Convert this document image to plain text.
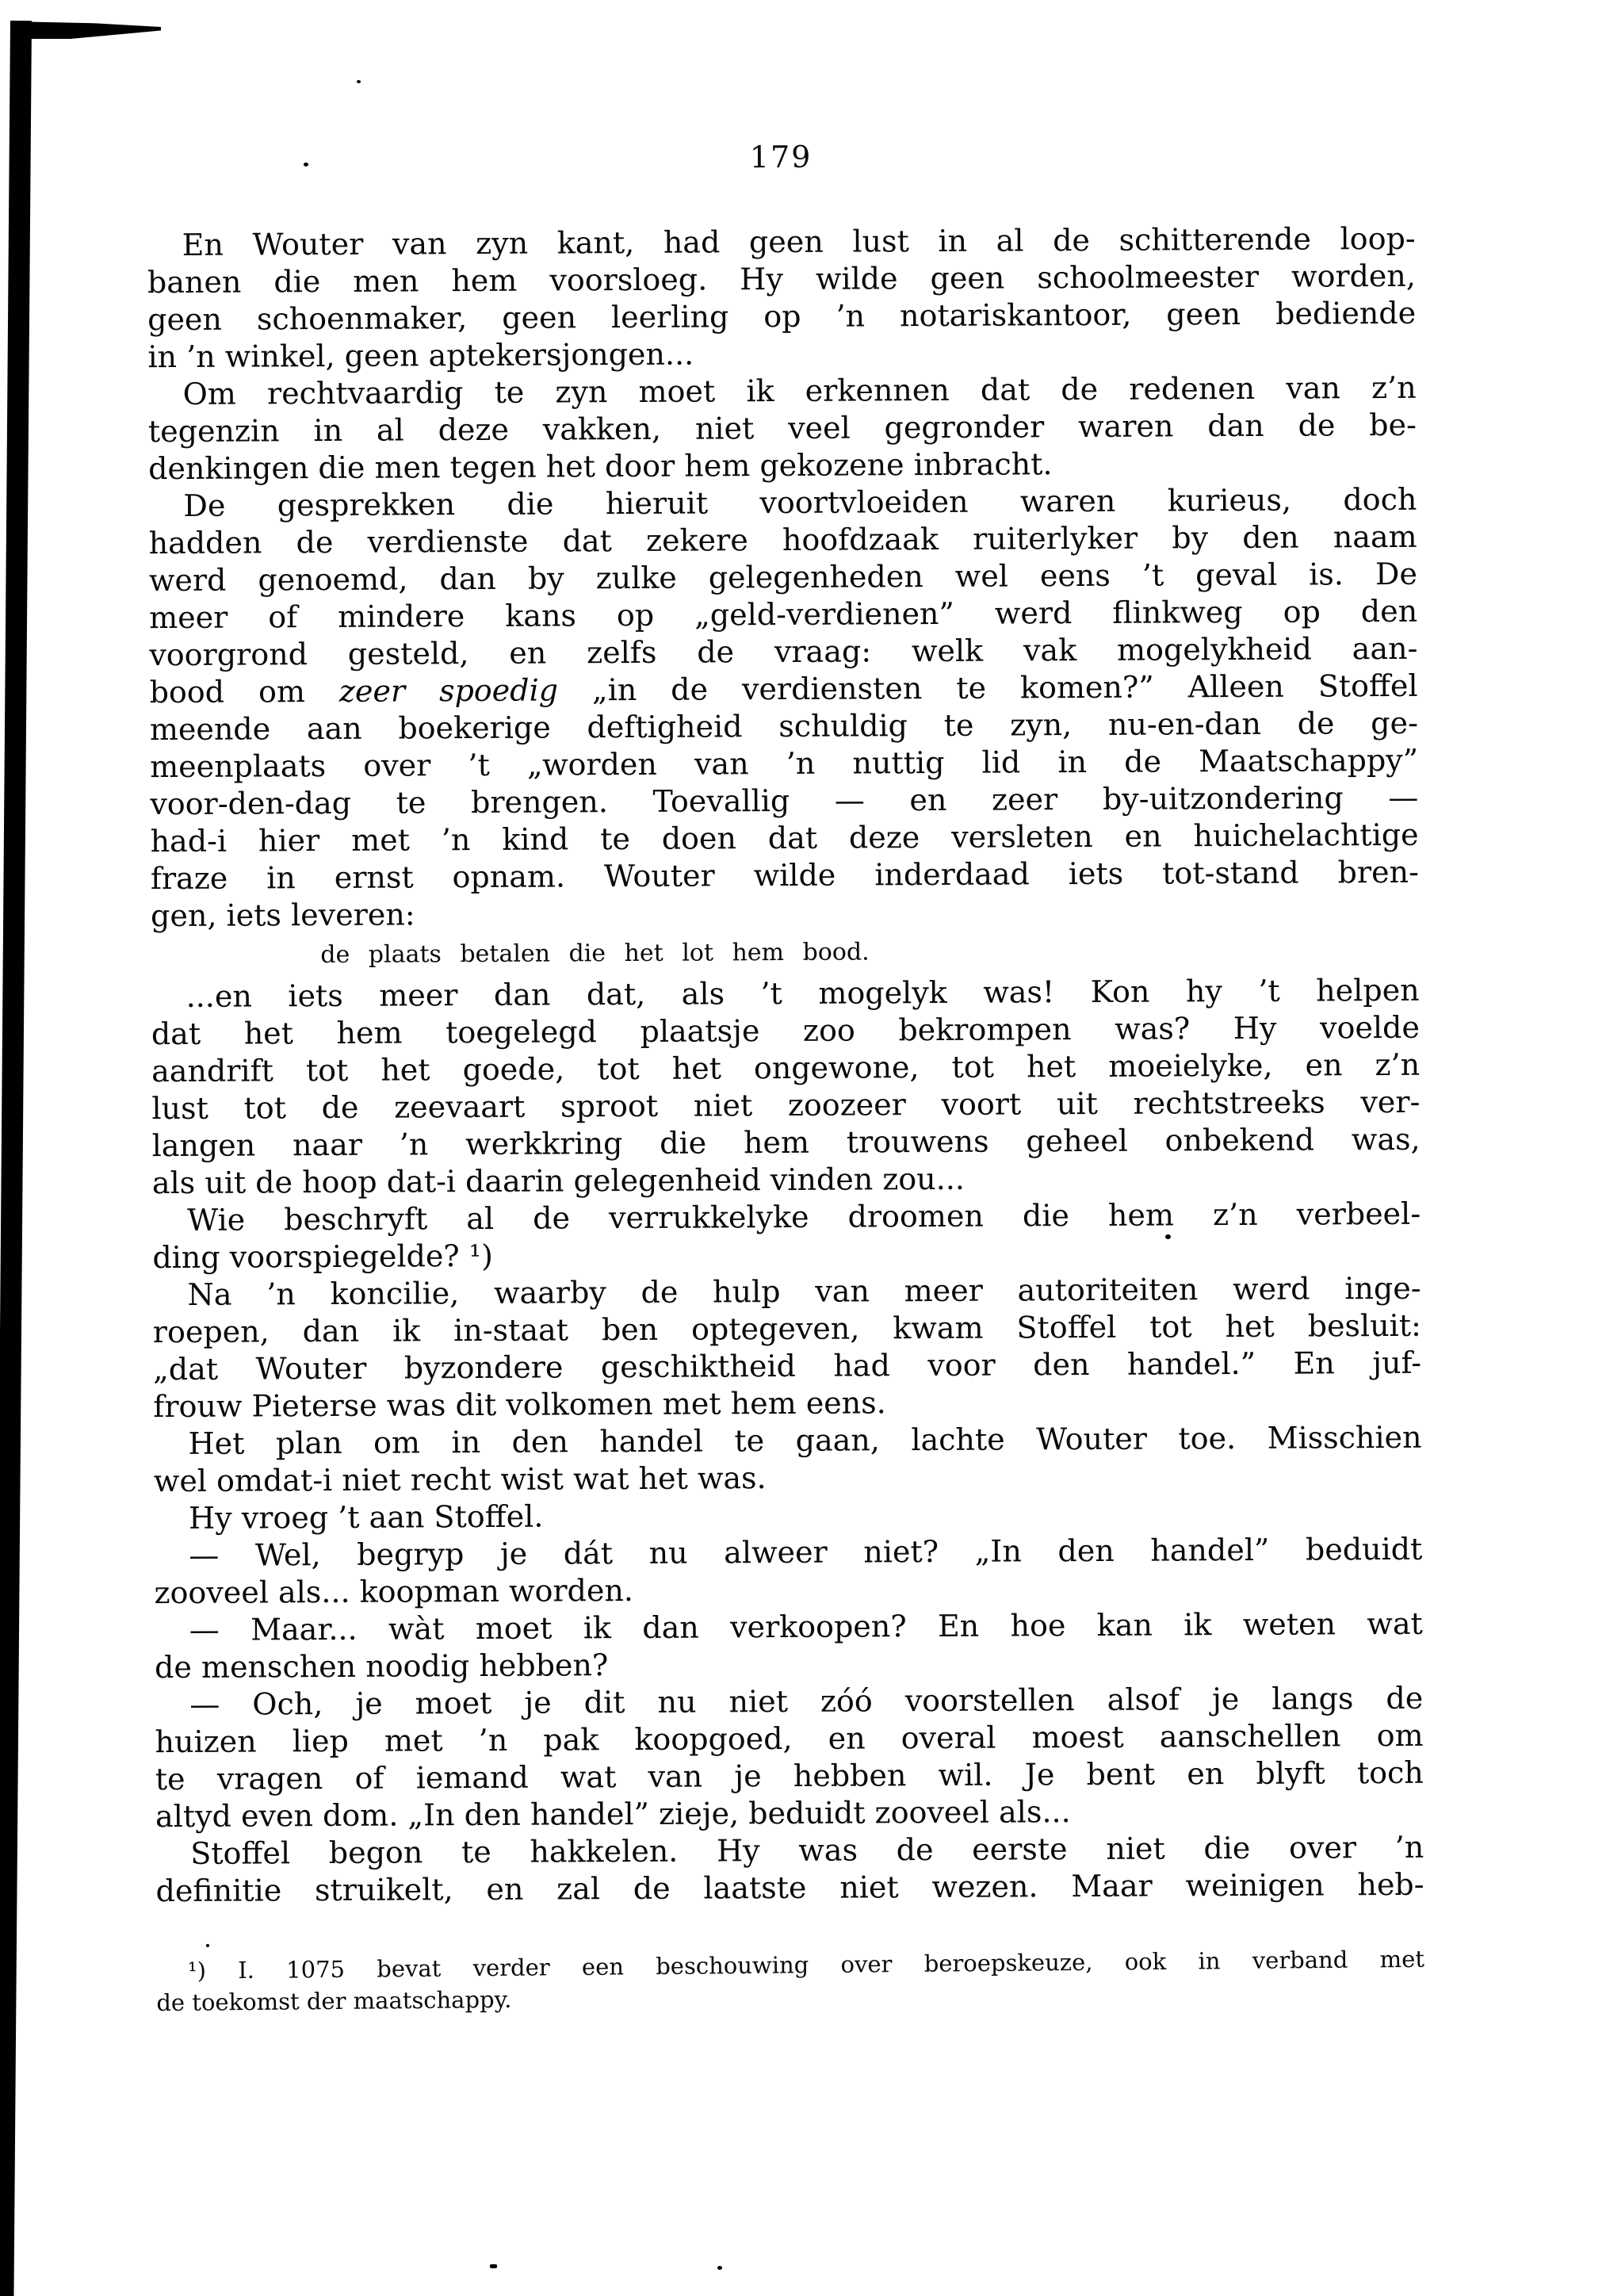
179
En Wouter van zyn kant, had geen lust in al de schitterende loop-
banen die men hem voorsloeg. Hy wilde geen schoolmeester worden,
geen schoenmaker, geen leerling op ’n notariskantoor, geen bediende
in ’n winkel, geen aptekersjongen...
Om rechtvaardig te zyn moet ik erkennen dat de redenen van z’n
tegenzin in al deze vakken, niet veel gegronder waren dan de be-
denkingen die men tegen het door hem gekozene inbracht.
De gesprekken die hieruit voortvloeiden waren kurieus, doch
hadden de verdienste dat zekere hoofdzaak ruiterlyker by den naam
werd genoemd, dan by zulke gelegenheden wel eens ’t geval is. De
meer of mindere kans op „geld-verdienen” werd flinkweg op den
voorgrond gesteld, en zelfs de vraag: welk vak mogelykheid aan-
bood om zeer spoedig „in de verdiensten te komen?” Alleen Stoffel
meende aan boekerige deftigheid schuldig te zyn, nu-en-dan de ge-
meenplaats over ’t „worden van ’n nuttig lid in de Maatschappy”
voor-den-dag te brengen. Toevallig — en zeer by-uitzondering —
had-i hier met ’n kind te doen dat deze versleten en huichelachtige
fraze in ernst opnam. Wouter wilde inderdaad iets tot-stand bren-
gen, iets leveren:
de plaats betalen die het lot hem bood.
...en iets meer dan dat, als ’t mogelyk was! Kon hy ’t helpen
dat het hem toegelegd plaatsje zoo bekrompen was? Hy voelde
aandrift tot het goede, tot het ongewone, tot het moeielyke, en z’n
lust tot de zeevaart sproot niet zoozeer voort uit rechtstreeks ver-
langen naar ’n werkkring die hem trouwens geheel onbekend was,
als uit de hoop dat-i daarin gelegenheid vinden zou...
Wie beschryft al de verrukkelyke droomen die hem z’n verbeel-
ding voorspiegelde? ¹)
Na ’n koncilie, waarby de hulp van meer autoriteiten werd inge-
roepen, dan ik in-staat ben optegeven, kwam Stoffel tot het besluit:
„dat Wouter byzondere geschiktheid had voor den handel.” En juf-
frouw Pieterse was dit volkomen met hem eens.
Het plan om in den handel te gaan, lachte Wouter toe. Misschien
wel omdat-i niet recht wist wat het was.
Hy vroeg ’t aan Stoffel.
— Wel, begryp je dát nu alweer niet? „In den handel” beduidt
zooveel als... koopman worden.
— Maar... wàt moet ik dan verkoopen? En hoe kan ik weten wat
de menschen noodig hebben?
— Och, je moet je dit nu niet zóó voorstellen alsof je langs de
huizen liep met ’n pak koopgoed, en overal moest aanschellen om
te vragen of iemand wat van je hebben wil. Je bent en blyft toch
altyd even dom. „In den handel” zieje, beduidt zooveel als...
Stoffel begon te hakkelen. Hy was de eerste niet die over ’n
definitie struikelt, en zal de laatste niet wezen. Maar weinigen heb-
¹) I. 1075 bevat verder een beschouwing over beroepskeuze, ook in verband met
de toekomst der maatschappy.
